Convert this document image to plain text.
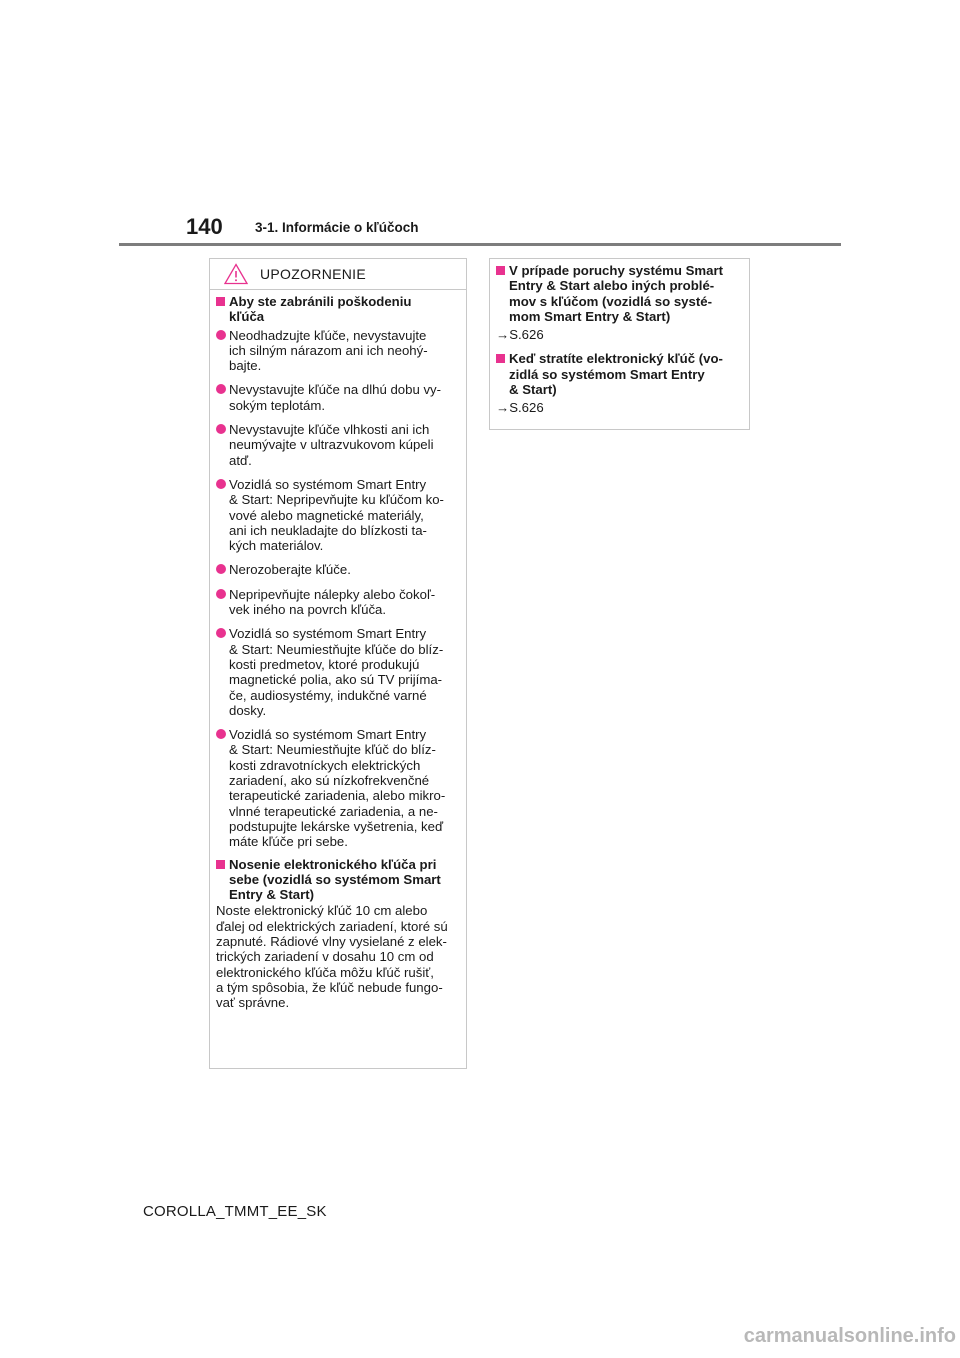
140 3-1. Informácie o kľúčoch
UPOZORNENIE
Aby ste zabránili poškodeniu
kľúča
Neodhadzujte kľúče, nevystavujte
ich silným nárazom ani ich neohý-
bajte.
Nevystavujte kľúče na dlhú dobu vy-
sokým teplotám.
Nevystavujte kľúče vlhkosti ani ich
neumývajte v ultrazvukovom kúpeli
atď.
Vozidlá so systémom Smart Entry
& Start: Nepripevňujte ku kľúčom ko-
vové alebo magnetické materiály,
ani ich neukladajte do blízkosti ta-
kých materiálov.
Nerozoberajte kľúče.
Nepripevňujte nálepky alebo čokoľ-
vek iného na povrch kľúča.
Vozidlá so systémom Smart Entry
& Start: Neumiestňujte kľúče do blíz-
kosti predmetov, ktoré produkujú
magnetické polia, ako sú TV prijíma-
če, audiosystémy, indukčné varné
dosky.
Vozidlá so systémom Smart Entry
& Start: Neumiestňujte kľúč do blíz-
kosti zdravotníckych elektrických
zariadení, ako sú nízkofrekvenčné
terapeutické zariadenia, alebo mikro-
vlnné terapeutické zariadenia, a ne-
podstupujte lekárske vyšetrenia, keď
máte kľúče pri sebe.
Nosenie elektronického kľúča pri
sebe (vozidlá so systémom Smart
Entry & Start)
Noste elektronický kľúč 10 cm alebo
ďalej od elektrických zariadení, ktoré sú
zapnuté. Rádiové vlny vysielané z elek-
trických zariadení v dosahu 10 cm od
elektronického kľúča môžu kľúč rušiť,
a tým spôsobia, že kľúč nebude fungo-
vať správne.
V prípade poruchy systému Smart
Entry & Start alebo iných problé-
mov s kľúčom (vozidlá so systé-
mom Smart Entry & Start)
→S.626
Keď stratíte elektronický kľúč (vo-
zidlá so systémom Smart Entry
& Start)
→S.626
COROLLA_TMMT_EE_SK
carmanualsonline.info
